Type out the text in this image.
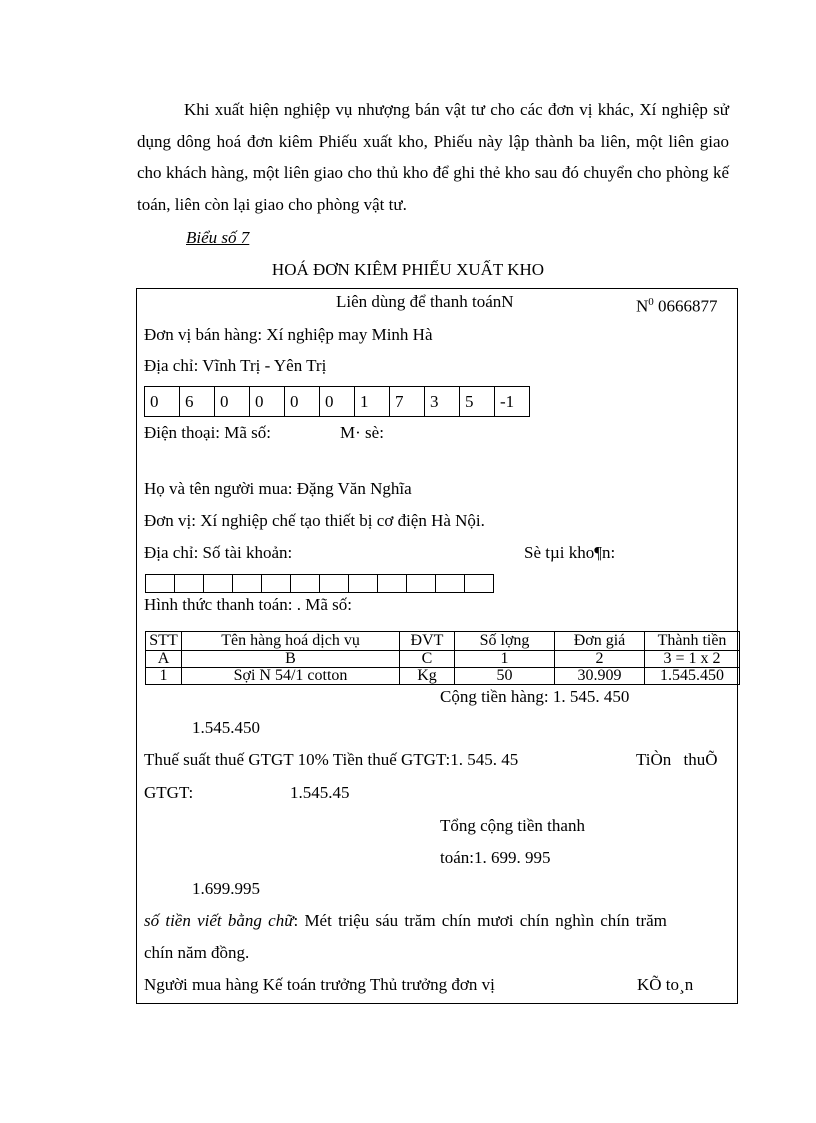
Khi xuất hiện nghiệp vụ nhượng bán vật tư cho các đơn vị khác, Xí nghiệp sử dụng dông hoá đơn kiêm Phiếu xuất kho, Phiếu này lập thành ba liên, một liên giao cho khách hàng, một liên giao cho thủ kho để ghi thẻ kho sau đó chuyển cho phòng kế toán, liên còn lại giao cho phòng vật tư.
Biểu số 7
HOÁ ĐƠN KIÊM PHIẾU XUẤT KHO
Liên dùng để thanh toánN	$N^0$ 0666877
Đơn vị bán hàng: Xí nghiệp may Minh Hà
Địa chỉ: Vĩnh Trị - Yên Trị
0	6	0	0	0	0	1	7	3	5	-1
Điện thoại: Mã số:	M· sè:
Họ và tên người mua: Đặng Văn Nghĩa
Đơn vị: Xí nghiệp chế tạo thiết bị cơ điện Hà Nội.
Địa chỉ: Số tài khoản:	Sè tµi kho¶n:

Hình thức thanh toán: . Mã số:
STT	Tên hàng hoá dịch vụ	ĐVT	Số lợng	Đơn giá	Thành tiền
A	B	C	1	2	3 = 1 x 2
1	Sợi N 54/1 cotton	Kg	50	30.909	1.545.450
Cộng tiền hàng: 1. 545. 450
1.545.450
Thuế suất thuế GTGT 10% Tiền thuế GTGT:1. 545. 45	TiÒn thuÕ
GTGT:	1.545.45
Tổng cộng tiền thanh
toán:1. 699. 995
1.699.995
số tiền viết bằng chữ: Mét triệu sáu trăm chín mươi chín nghìn chín trăm
chín năm đồng.
Người mua hàng Kế toán trưởng Thủ trưởng đơn vị	KÕ to¸n
